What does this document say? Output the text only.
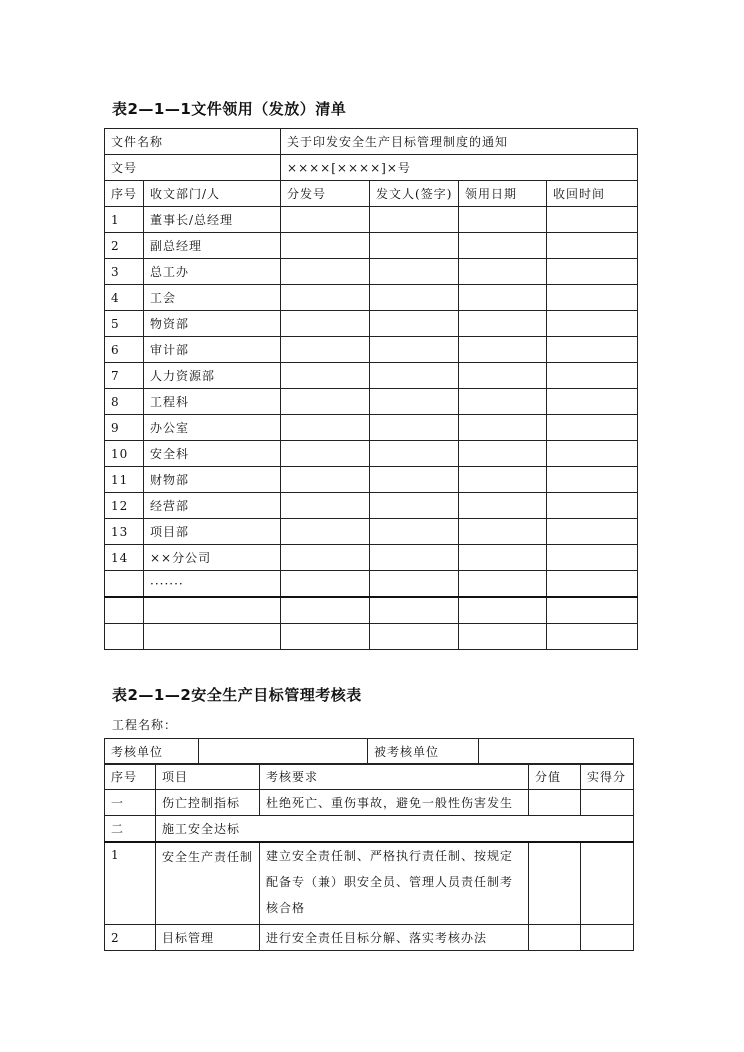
表2—1—1文件领用（发放）清单
文件名称		关于印发安全生产目标管理制度的通知			
文号		××××[××××]×号			
序号	收文部门/人	分发号	发文人(签字)	领用日期	收回时间
1	董事长/总经理				
2	副总经理				
3	总工办				
4	工会				
5	物资部				
6	审计部				
7	人力资源部				
8	工程科				
9	办公室				
10	安全科				
11	财物部				
12	经营部				
13	项目部				
14	××分公司				
	·······				

表2—1—2安全生产目标管理考核表
工程名称：
考核单位		被考核单位	
序号	项目	考核要求	分值	实得分
一	伤亡控制指标	杜绝死亡、重伤事故，避免一般性伤害发生		
二	施工安全达标			
1	安全生产责任制	建立安全责任制、严格执行责任制、按规定配备专（兼）职安全员、管理人员责任制考核合格		
2	目标管理	进行安全责任目标分解、落实考核办法		
